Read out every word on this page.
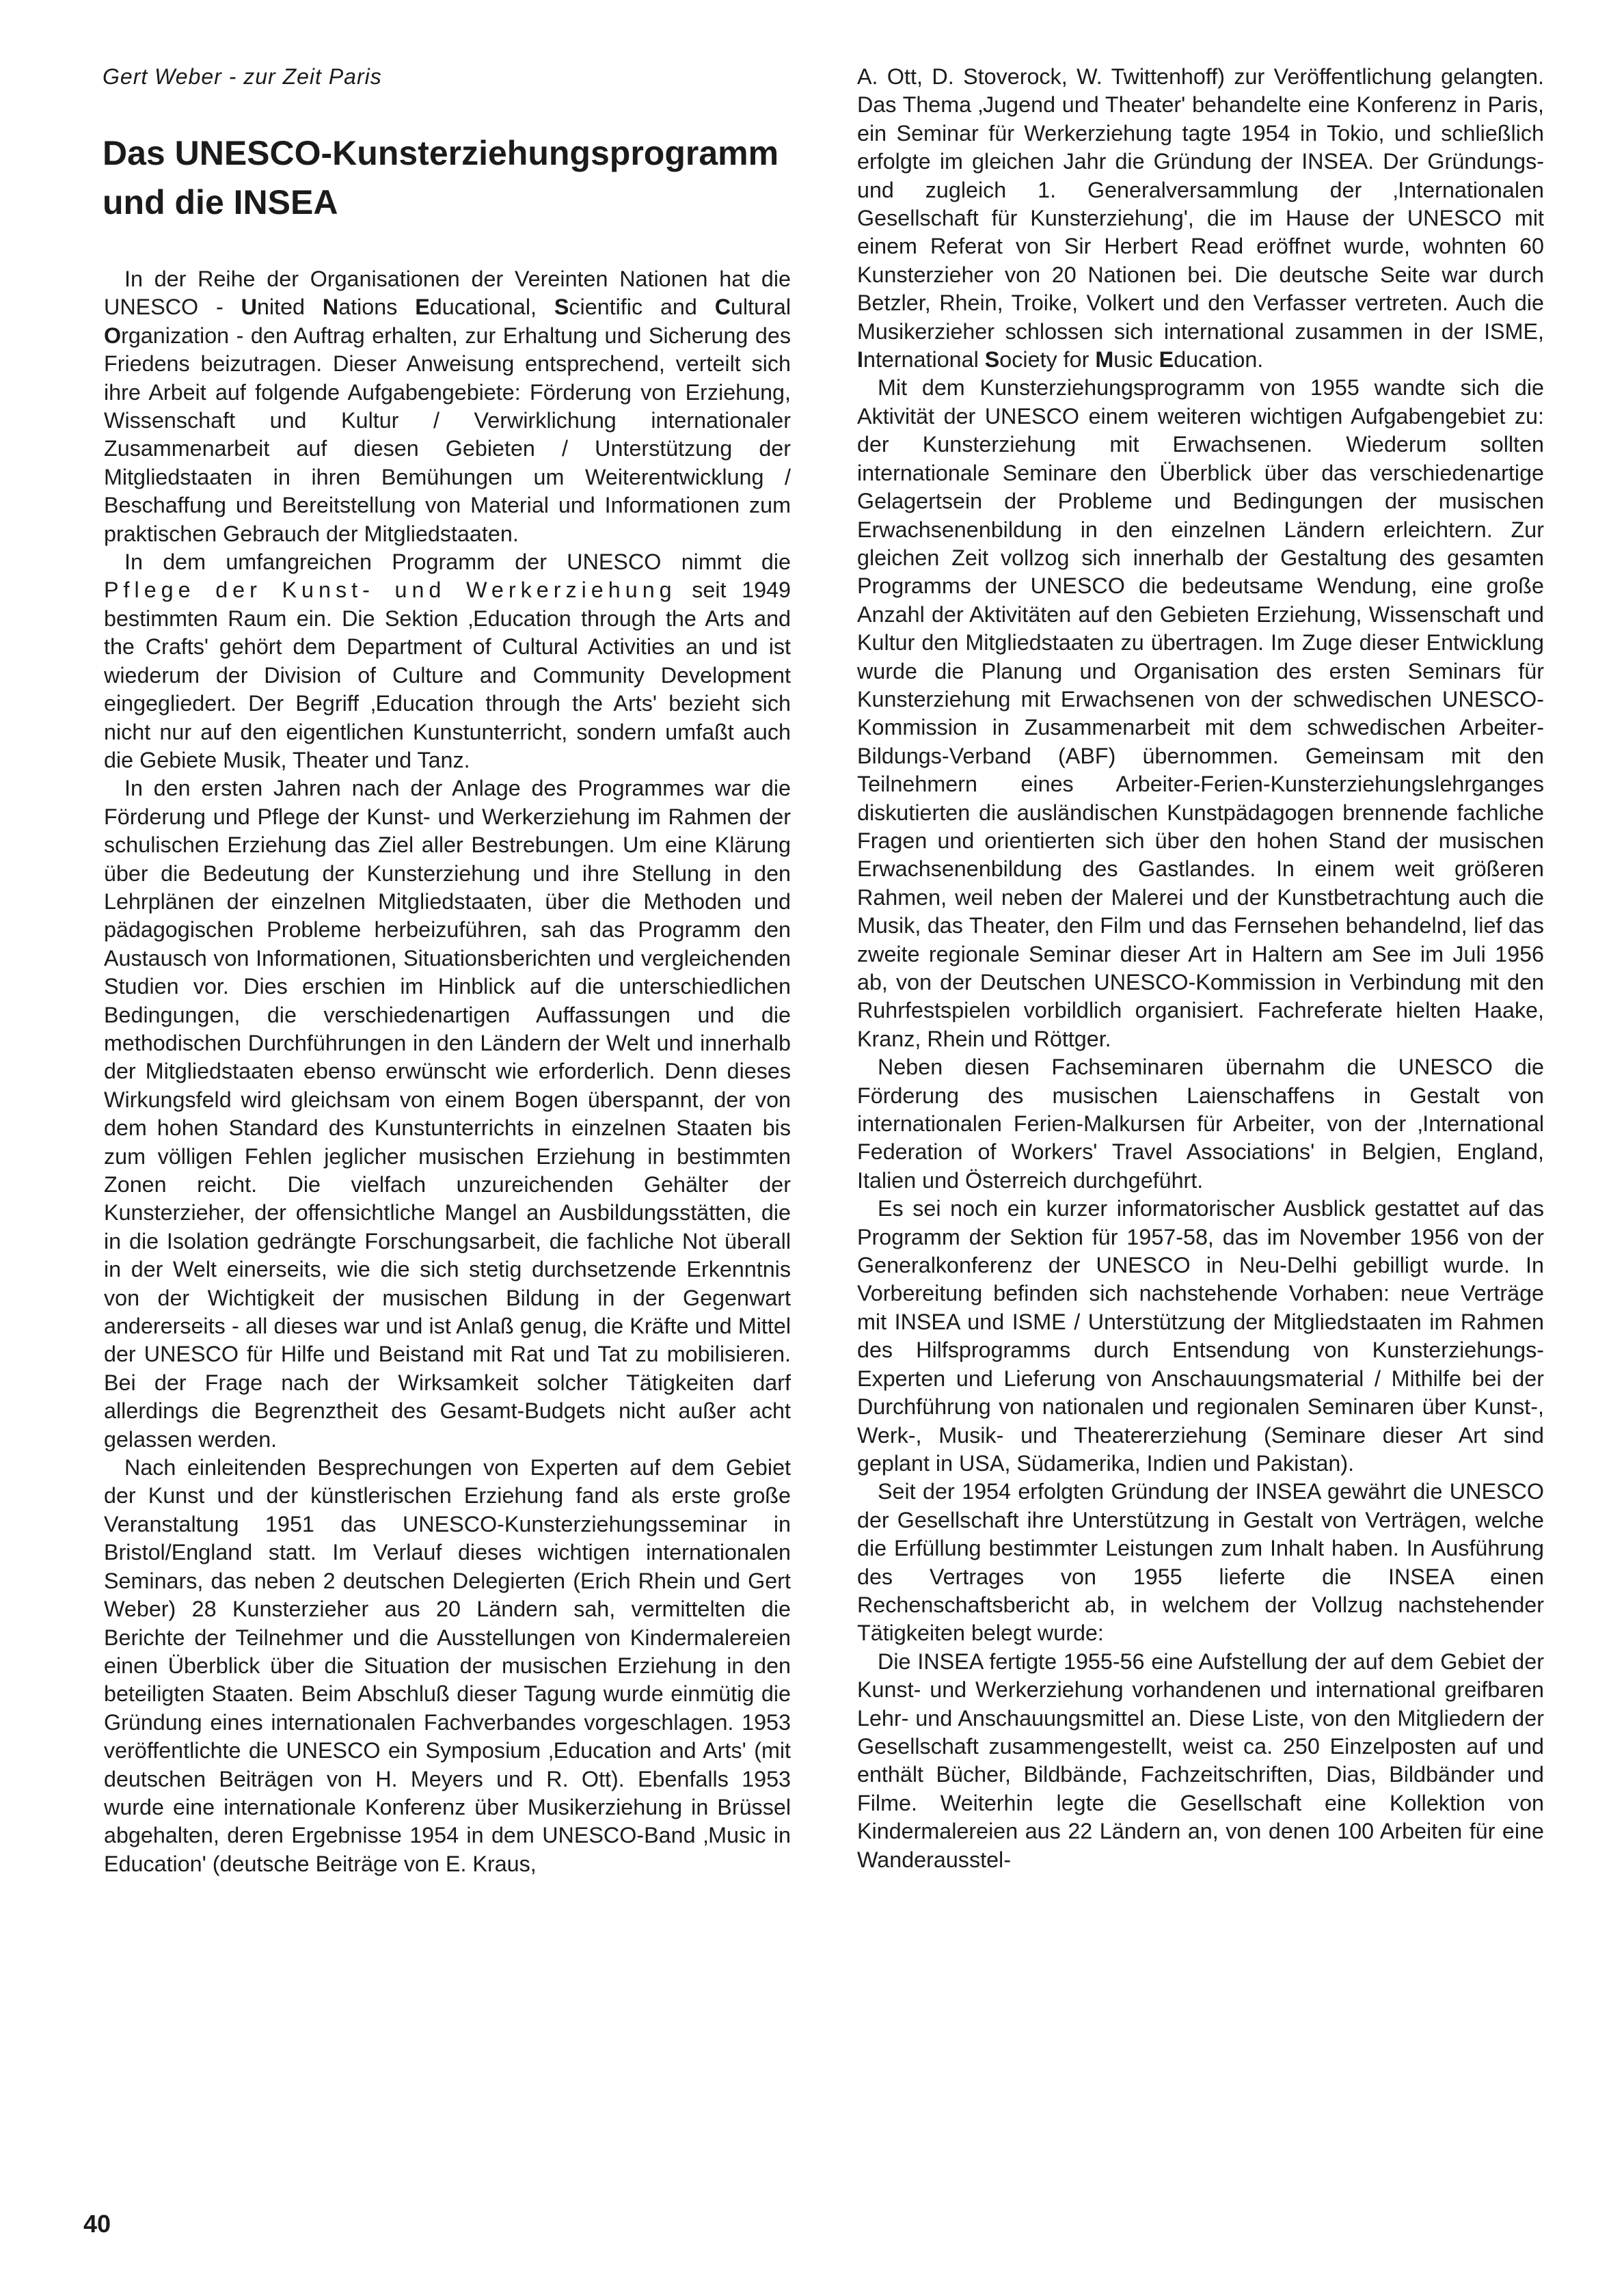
Gert Weber - zur Zeit Paris
Das UNESCO-Kunsterziehungsprogramm
und die INSEA

In der Reihe der Organisationen der Vereinten Nationen hat die UNESCO - United Nations Educational, Scientific and Cultural Organization - den Auftrag erhalten, zur Erhaltung und Sicherung des Friedens beizutragen. Dieser Anweisung entsprechend, verteilt sich ihre Arbeit auf folgende Aufgabengebiete: Förderung von Erziehung, Wissenschaft und Kultur / Verwirklichung internationaler Zusammenarbeit auf diesen Gebieten / Unterstützung der Mitgliedstaaten in ihren Bemühungen um Weiterentwicklung / Beschaffung und Bereitstellung von Material und Informationen zum praktischen Gebrauch der Mitgliedstaaten.

In dem umfangreichen Programm der UNESCO nimmt die Pflege der Kunst- und Werkerziehung seit 1949 bestimmten Raum ein. Die Sektion ‚Education through the Arts and the Crafts' gehört dem Department of Cultural Activities an und ist wiederum der Division of Culture and Community Development eingegliedert. Der Begriff ‚Education through the Arts' bezieht sich nicht nur auf den eigentlichen Kunstunterricht, sondern umfaßt auch die Gebiete Musik, Theater und Tanz.

In den ersten Jahren nach der Anlage des Programmes war die Förderung und Pflege der Kunst- und Werkerziehung im Rahmen der schulischen Erziehung das Ziel aller Bestrebungen. Um eine Klärung über die Bedeutung der Kunsterziehung und ihre Stellung in den Lehrplänen der einzelnen Mitgliedstaaten, über die Methoden und pädagogischen Probleme herbeizuführen, sah das Programm den Austausch von Informationen, Situationsberichten und vergleichenden Studien vor. Dies erschien im Hinblick auf die unterschiedlichen Bedingungen, die verschiedenartigen Auffassungen und die methodischen Durchführungen in den Ländern der Welt und innerhalb der Mitgliedstaaten ebenso erwünscht wie erforderlich. Denn dieses Wirkungsfeld wird gleichsam von einem Bogen überspannt, der von dem hohen Standard des Kunstunterrichts in einzelnen Staaten bis zum völligen Fehlen jeglicher musischen Erziehung in bestimmten Zonen reicht. Die vielfach unzureichenden Gehälter der Kunsterzieher, der offensichtliche Mangel an Ausbildungsstätten, die in die Isolation gedrängte Forschungsarbeit, die fachliche Not überall in der Welt einerseits, wie die sich stetig durchsetzende Erkenntnis von der Wichtigkeit der musischen Bildung in der Gegenwart andererseits - all dieses war und ist Anlaß genug, die Kräfte und Mittel der UNESCO für Hilfe und Beistand mit Rat und Tat zu mobilisieren. Bei der Frage nach der Wirksamkeit solcher Tätigkeiten darf allerdings die Begrenztheit des Gesamt-Budgets nicht außer acht gelassen werden.

Nach einleitenden Besprechungen von Experten auf dem Gebiet der Kunst und der künstlerischen Erziehung fand als erste große Veranstaltung 1951 das UNESCO-Kunsterziehungsseminar in Bristol/England statt. Im Verlauf dieses wichtigen internationalen Seminars, das neben 2 deutschen Delegierten (Erich Rhein und Gert Weber) 28 Kunsterzieher aus 20 Ländern sah, vermittelten die Berichte der Teilnehmer und die Ausstellungen von Kindermalereien einen Überblick über die Situation der musischen Erziehung in den beteiligten Staaten. Beim Abschluß dieser Tagung wurde einmütig die Gründung eines internationalen Fachverbandes vorgeschlagen. 1953 veröffentlichte die UNESCO ein Symposium ‚Education and Arts' (mit deutschen Beiträgen von H. Meyers und R. Ott). Ebenfalls 1953 wurde eine internationale Konferenz über Musikerziehung in Brüssel abgehalten, deren Ergebnisse 1954 in dem UNESCO-Band ‚Music in Education' (deutsche Beiträge von E. Kraus,

A. Ott, D. Stoverock, W. Twittenhoff) zur Veröffentlichung gelangten. Das Thema ‚Jugend und Theater' behandelte eine Konferenz in Paris, ein Seminar für Werkerziehung tagte 1954 in Tokio, und schließlich erfolgte im gleichen Jahr die Gründung der INSEA. Der Gründungs- und zugleich 1. Generalversammlung der ‚Internationalen Gesellschaft für Kunsterziehung', die im Hause der UNESCO mit einem Referat von Sir Herbert Read eröffnet wurde, wohnten 60 Kunsterzieher von 20 Nationen bei. Die deutsche Seite war durch Betzler, Rhein, Troike, Volkert und den Verfasser vertreten. Auch die Musikerzieher schlossen sich international zusammen in der ISME, International Society for Music Education.

Mit dem Kunsterziehungsprogramm von 1955 wandte sich die Aktivität der UNESCO einem weiteren wichtigen Aufgabengebiet zu: der Kunsterziehung mit Erwachsenen. Wiederum sollten internationale Seminare den Überblick über das verschiedenartige Gelagertsein der Probleme und Bedingungen der musischen Erwachsenenbildung in den einzelnen Ländern erleichtern. Zur gleichen Zeit vollzog sich innerhalb der Gestaltung des gesamten Programms der UNESCO die bedeutsame Wendung, eine große Anzahl der Aktivitäten auf den Gebieten Erziehung, Wissenschaft und Kultur den Mitgliedstaaten zu übertragen. Im Zuge dieser Entwicklung wurde die Planung und Organisation des ersten Seminars für Kunsterziehung mit Erwachsenen von der schwedischen UNESCO-Kommission in Zusammenarbeit mit dem schwedischen Arbeiter-Bildungs-Verband (ABF) übernommen. Gemeinsam mit den Teilnehmern eines Arbeiter-Ferien-Kunsterziehungslehrganges diskutierten die ausländischen Kunstpädagogen brennende fachliche Fragen und orientierten sich über den hohen Stand der musischen Erwachsenenbildung des Gastlandes. In einem weit größeren Rahmen, weil neben der Malerei und der Kunstbetrachtung auch die Musik, das Theater, den Film und das Fernsehen behandelnd, lief das zweite regionale Seminar dieser Art in Haltern am See im Juli 1956 ab, von der Deutschen UNESCO-Kommission in Verbindung mit den Ruhrfestspielen vorbildlich organisiert. Fachreferate hielten Haake, Kranz, Rhein und Röttger.

Neben diesen Fachseminaren übernahm die UNESCO die Förderung des musischen Laienschaffens in Gestalt von internationalen Ferien-Malkursen für Arbeiter, von der ‚International Federation of Workers' Travel Associations' in Belgien, England, Italien und Österreich durchgeführt.

Es sei noch ein kurzer informatorischer Ausblick gestattet auf das Programm der Sektion für 1957-58, das im November 1956 von der Generalkonferenz der UNESCO in Neu-Delhi gebilligt wurde. In Vorbereitung befinden sich nachstehende Vorhaben: neue Verträge mit INSEA und ISME / Unterstützung der Mitgliedstaaten im Rahmen des Hilfsprogramms durch Entsendung von Kunsterziehungs-Experten und Lieferung von Anschauungsmaterial / Mithilfe bei der Durchführung von nationalen und regionalen Seminaren über Kunst-, Werk-, Musik- und Theatererziehung (Seminare dieser Art sind geplant in USA, Südamerika, Indien und Pakistan).

Seit der 1954 erfolgten Gründung der INSEA gewährt die UNESCO der Gesellschaft ihre Unterstützung in Gestalt von Verträgen, welche die Erfüllung bestimmter Leistungen zum Inhalt haben. In Ausführung des Vertrages von 1955 lieferte die INSEA einen Rechenschaftsbericht ab, in welchem der Vollzug nachstehender Tätigkeiten belegt wurde:

Die INSEA fertigte 1955-56 eine Aufstellung der auf dem Gebiet der Kunst- und Werkerziehung vorhandenen und international greifbaren Lehr- und Anschauungsmittel an. Diese Liste, von den Mitgliedern der Gesellschaft zusammengestellt, weist ca. 250 Einzelposten auf und enthält Bücher, Bildbände, Fachzeitschriften, Dias, Bildbänder und Filme. Weiterhin legte die Gesellschaft eine Kollektion von Kindermalereien aus 22 Ländern an, von denen 100 Arbeiten für eine Wanderausstel-

40
